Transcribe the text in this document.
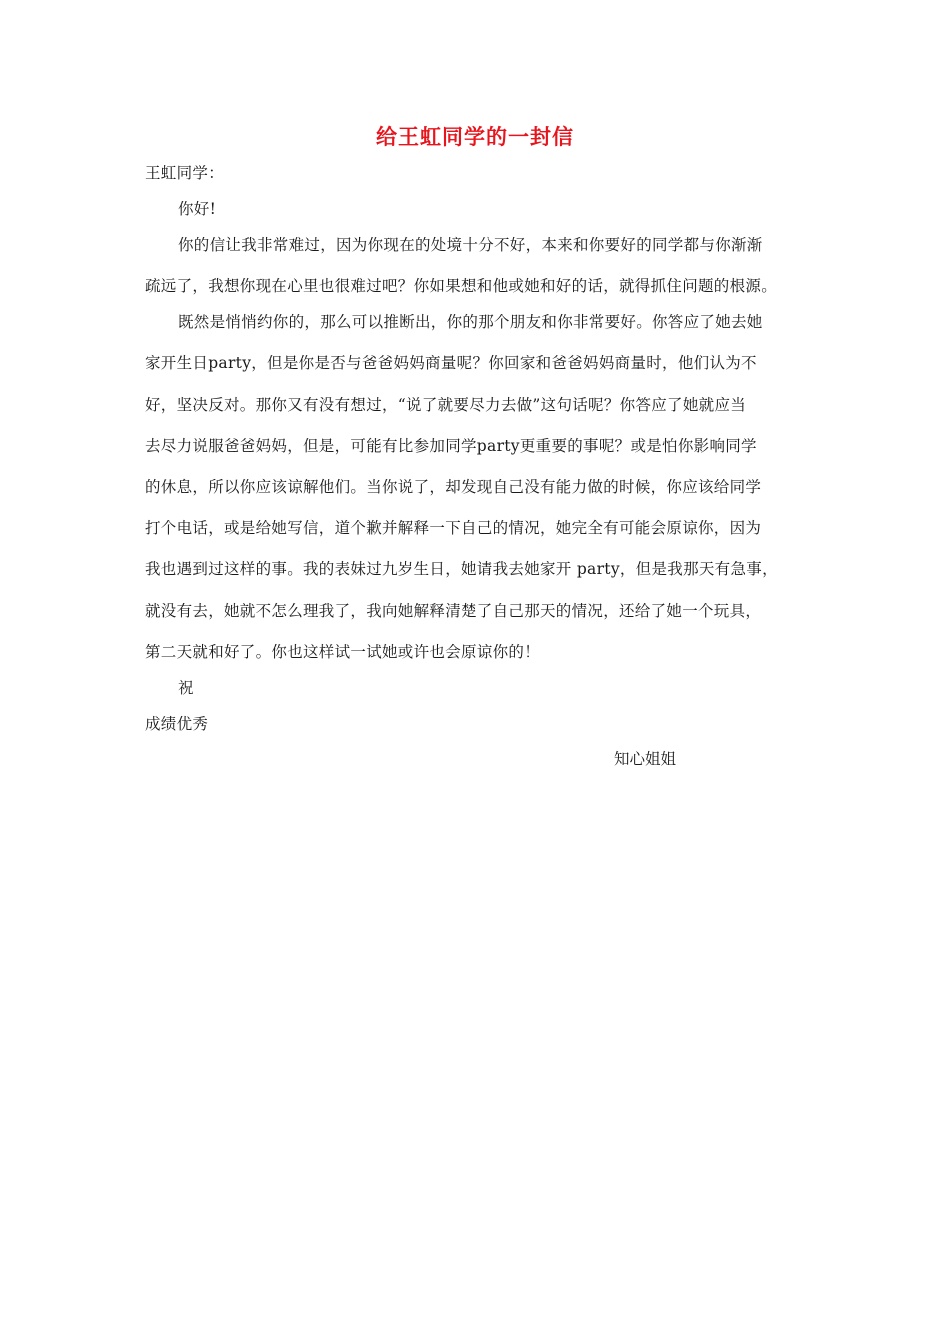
给王虹同学的一封信
王虹同学：
你好!
你的信让我非常难过，因为你现在的处境十分不好，本来和你要好的同学都与你渐渐
疏远了，我想你现在心里也很难过吧？你如果想和他或她和好的话，就得抓住问题的根源。
既然是悄悄约你的，那么可以推断出，你的那个朋友和你非常要好。你答应了她去她
家开生日party，但是你是否与爸爸妈妈商量呢？你回家和爸爸妈妈商量时，他们认为不
好，坚决反对。那你又有没有想过，“说了就要尽力去做”这句话呢？你答应了她就应当
去尽力说服爸爸妈妈，但是，可能有比参加同学party更重要的事呢？或是怕你影响同学
的休息，所以你应该谅解他们。当你说了，却发现自己没有能力做的时候，你应该给同学
打个电话，或是给她写信，道个歉并解释一下自己的情况，她完全有可能会原谅你，因为
我也遇到过这样的事。我的表妹过九岁生日，她请我去她家开 party，但是我那天有急事，
就没有去，她就不怎么理我了，我向她解释清楚了自己那天的情况，还给了她一个玩具，
第二天就和好了。你也这样试一试她或许也会原谅你的！
祝
成绩优秀
知心姐姐
